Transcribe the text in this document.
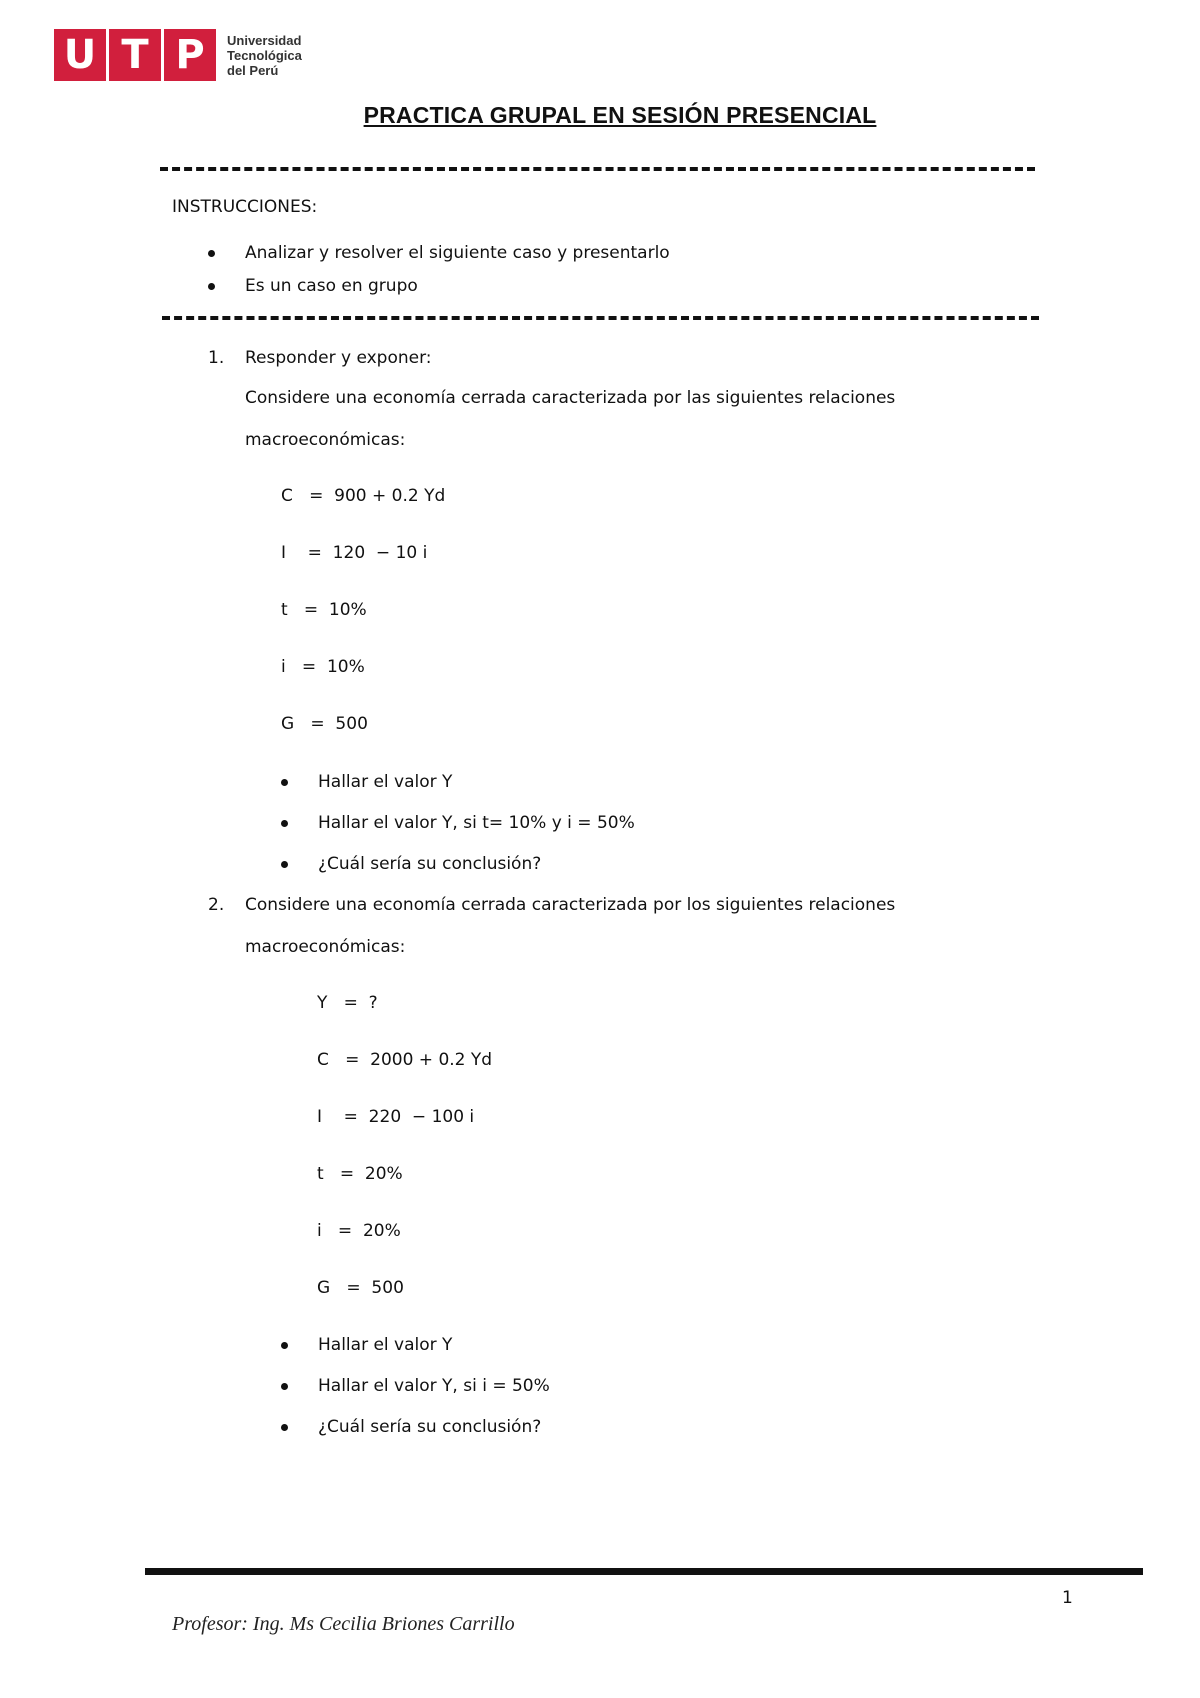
U T P	Universidad
Tecnológica
del Perú
PRACTICA GRUPAL EN SESIÓN PRESENCIAL
INSTRUCCIONES:
Analizar y resolver el siguiente caso y presentarlo
Es un caso en grupo
1. Responder y exponer:
Considere una economía cerrada caracterizada por las siguientes relaciones
macroeconómicas:
C   =  900 + 0.2 Yd
I    =  120  − 10 i
t   =  10%
i   =  10%
G   =  500
Hallar el valor Y
Hallar el valor Y, si t= 10% y i = 50%
¿Cuál sería su conclusión?
2. Considere una economía cerrada caracterizada por los siguientes relaciones
macroeconómicas:
Y   =  ?
C   =  2000 + 0.2 Yd
I    =  220  − 100 i
t   =  20%
i   =  20%
G   =  500
Hallar el valor Y
Hallar el valor Y, si i = 50%
¿Cuál sería su conclusión?
1
Profesor: Ing. Ms Cecilia Briones Carrillo
